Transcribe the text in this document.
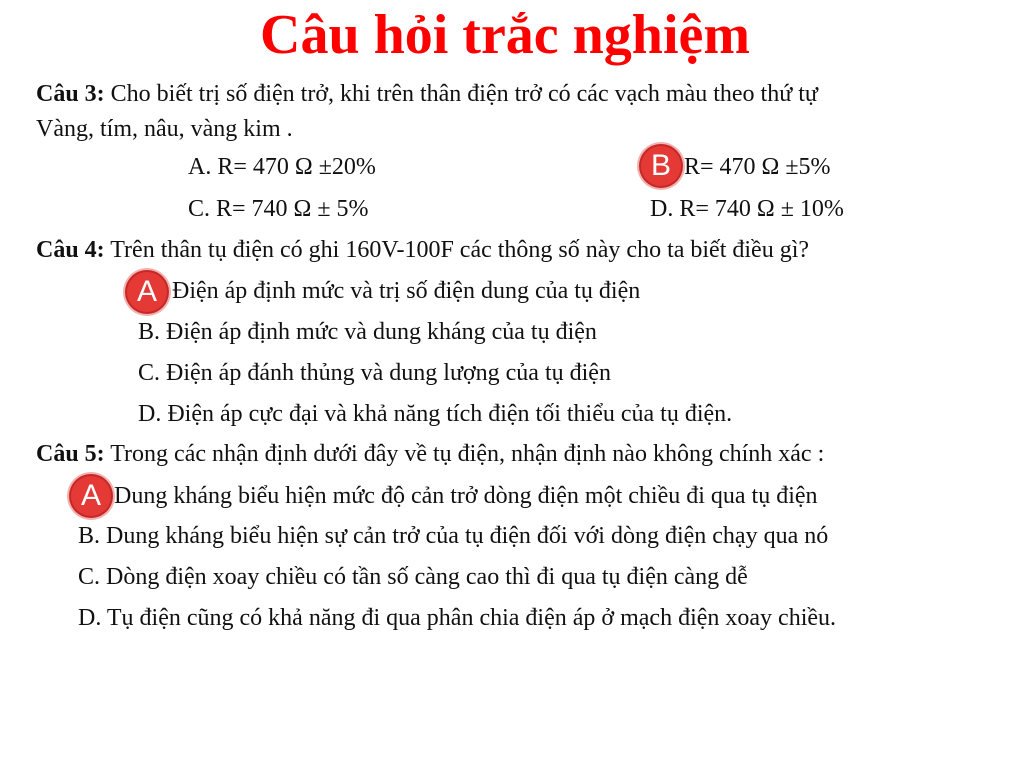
Câu hỏi trắc nghiệm
Câu 3: Cho biết trị số điện trở, khi trên thân điện trở có các vạch màu theo thứ tự
Vàng, tím, nâu, vàng kim .
A. R= 470 Ω ±20%	B R= 470 Ω ±5%
C. R= 740 Ω ± 5%	D. R= 740 Ω ± 10%
Câu 4: Trên thân tụ điện có ghi 160V-100F các thông số này cho ta biết điều gì?
A Điện áp định mức và trị số điện dung của tụ điện
B. Điện áp định mức và dung kháng của tụ điện
C. Điện áp đánh thủng và dung lượng của tụ điện
D. Điện áp cực đại và khả năng tích điện tối thiểu của tụ điện.
Câu 5: Trong các nhận định dưới đây về tụ điện, nhận định nào không chính xác :
A Dung kháng biểu hiện mức độ cản trở dòng điện một chiều đi qua tụ điện
B. Dung kháng biểu hiện sự cản trở của tụ điện đối với dòng điện chạy qua nó
C. Dòng điện xoay chiều có tần số càng cao thì đi qua tụ điện càng dễ
D. Tụ điện cũng có khả năng đi qua phân chia điện áp ở mạch điện xoay chiều.
